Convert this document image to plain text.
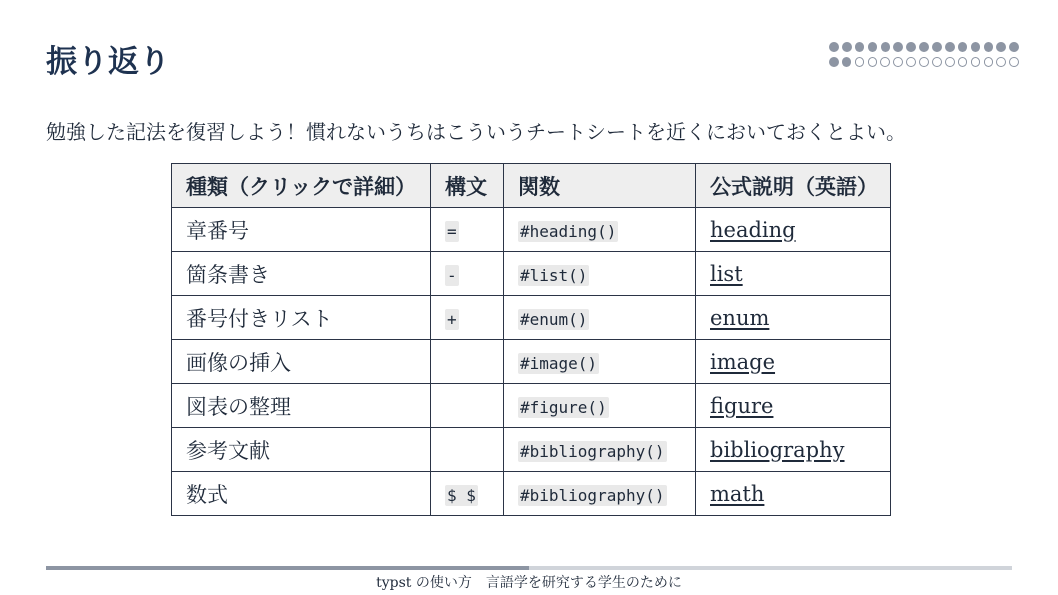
振り返り

勉強した記法を復習しよう！慣れないうちはこういうチートシートを近くにおいておくとよい。

種類（クリックで詳細）	構文	関数	公式説明（英語）
章番号	=	#heading()	heading
箇条書き	-	#list()	list
番号付きリスト	+	#enum()	enum
画像の挿入		#image()	image
図表の整理		#figure()	figure
参考文献		#bibliography()	bibliography
数式	$ $	#bibliography()	math

typst の使い方　言語学を研究する学生のために
